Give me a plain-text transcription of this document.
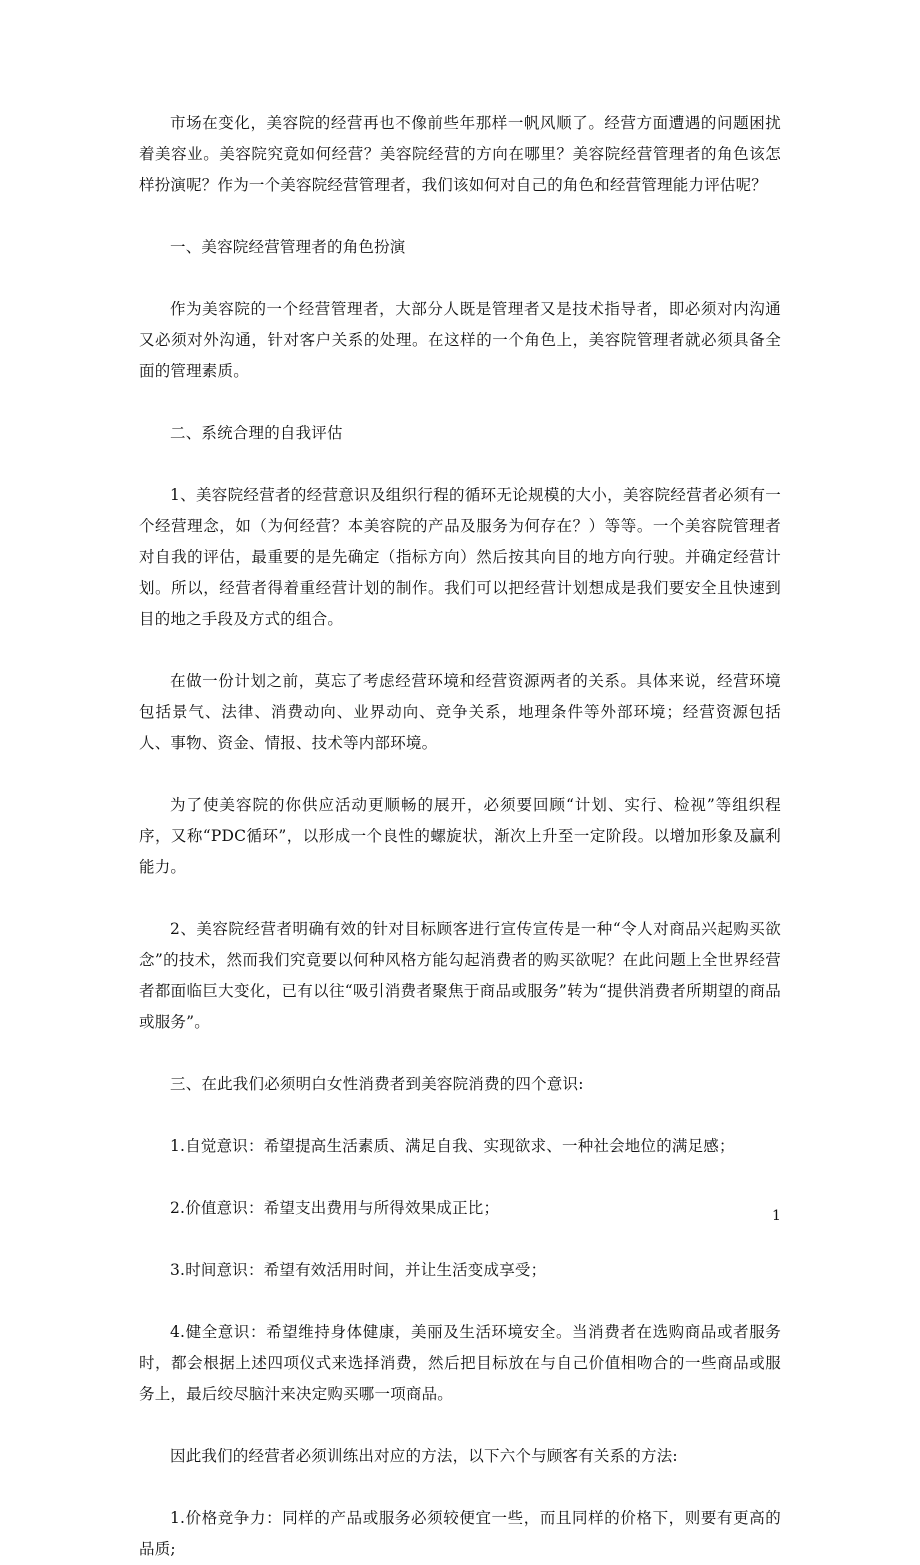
市场在变化，美容院的经营再也不像前些年那样一帆风顺了。经营方面遭遇的问题困扰着美容业。美容院究竟如何经营？美容院经营的方向在哪里？美容院经营管理者的角色该怎样扮演呢？作为一个美容院经营管理者，我们该如何对自己的角色和经营管理能力评估呢？

一、美容院经营管理者的角色扮演

作为美容院的一个经营管理者，大部分人既是管理者又是技术指导者，即必须对内沟通又必须对外沟通，针对客户关系的处理。在这样的一个角色上，美容院管理者就必须具备全面的管理素质。

二、系统合理的自我评估

1、美容院经营者的经营意识及组织行程的循环无论规模的大小，美容院经营者必须有一个经营理念，如（为何经营？本美容院的产品及服务为何存在？）等等。一个美容院管理者对自我的评估，最重要的是先确定（指标方向）然后按其向目的地方向行驶。并确定经营计划。所以，经营者得着重经营计划的制作。我们可以把经营计划想成是我们要安全且快速到目的地之手段及方式的组合。

在做一份计划之前，莫忘了考虑经营环境和经营资源两者的关系。具体来说，经营环境包括景气、法律、消费动向、业界动向、竞争关系，地理条件等外部环境；经营资源包括人、事物、资金、情报、技术等内部环境。

为了使美容院的你供应活动更顺畅的展开，必须要回顾“计划、实行、检视”等组织程序，又称“PDC循环”，以形成一个良性的螺旋状，渐次上升至一定阶段。以增加形象及赢利能力。

2、美容院经营者明确有效的针对目标顾客进行宣传宣传是一种“令人对商品兴起购买欲念”的技术，然而我们究竟要以何种风格方能勾起消费者的购买欲呢？在此问题上全世界经营者都面临巨大变化，已有以往“吸引消费者聚焦于商品或服务”转为“提供消费者所期望的商品或服务”。

三、在此我们必须明白女性消费者到美容院消费的四个意识:

1.自觉意识：希望提高生活素质、满足自我、实现欲求、一种社会地位的满足感；

2.价值意识：希望支出费用与所得效果成正比；

3.时间意识：希望有效活用时间，并让生活变成享受；

4.健全意识：希望维持身体健康，美丽及生活环境安全。当消费者在选购商品或者服务时，都会根据上述四项仪式来选择消费，然后把目标放在与自己价值相吻合的一些商品或服务上，最后绞尽脑汁来决定购买哪一项商品。

因此我们的经营者必须训练出对应的方法，以下六个与顾客有关系的方法:

1.价格竞争力：同样的产品或服务必须较便宜一些，而且同样的价格下，则要有更高的品质;

1
